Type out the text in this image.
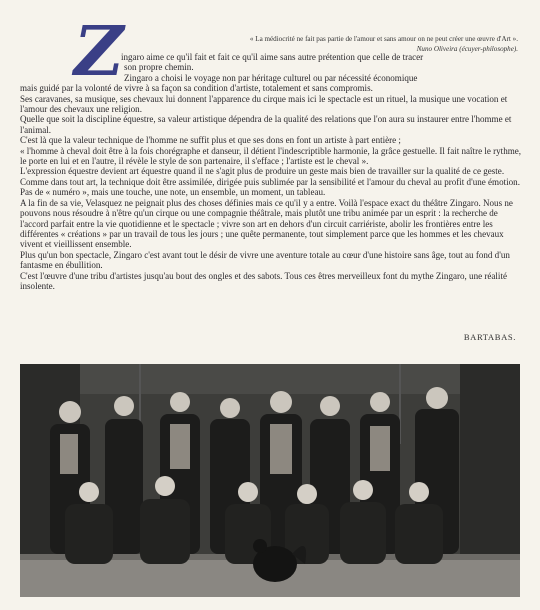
Z	« La médiocrité ne fait pas partie de l'amour et sans amour on ne peut créer une œuvre d'Art ».
Nuno Oliveira (écuyer-philosophe).

ingaro aime ce qu'il fait et fait ce qu'il aime sans autre prétention que celle de tracer

son propre chemin.

Zingaro a choisi le voyage non par héritage culturel ou par nécessité économique

mais guidé par la volonté de vivre à sa façon sa condition d'artiste, totalement et sans compromis.

Ses caravanes, sa musique, ses chevaux lui donnent l'apparence du cirque mais ici le spectacle est un rituel, la musique une vocation et l'amour des chevaux une religion.

Quelle que soit la discipline équestre, sa valeur artistique dépendra de la qualité des relations que l'on aura su instaurer entre l'homme et l'animal.

C'est là que la valeur technique de l'homme ne suffit plus et que ses dons en font un artiste à part entière ;

« l'homme à cheval doit être à la fois chorégraphe et danseur, il détient l'indescriptible harmonie, la grâce gestuelle. Il fait naître le rythme, le porte en lui et en l'autre, il révèle le style de son partenaire, il s'efface ; l'artiste est le cheval ».

L'expression équestre devient art équestre quand il ne s'agit plus de produire un geste mais bien de travailler sur la qualité de ce geste. Comme dans tout art, la technique doit être assimilée, dirigée puis sublimée par la sensibilité et l'amour du cheval au profit d'une émotion.

Pas de « numéro », mais une touche, une note, un ensemble, un moment, un tableau.

A la fin de sa vie, Velasquez ne peignait plus des choses définies mais ce qu'il y a entre. Voilà l'espace exact du théâtre Zingaro. Nous ne pouvons nous résoudre à n'être qu'un cirque ou une compagnie théâtrale, mais plutôt une tribu animée par un esprit : la recherche de l'accord parfait entre la vie quotidienne et le spectacle ; vivre son art en dehors d'un circuit carriériste, abolir les frontières entre les différentes « créations » par un travail de tous les jours ; une quête permanente, tout simplement parce que les hommes et les chevaux vivent et vieillissent ensemble.

Plus qu'un bon spectacle, Zingaro c'est avant tout le désir de vivre une aventure totale au cœur d'une histoire sans âge, tout au fond d'un fantasme en ébullition.

C'est l'œuvre d'une tribu d'artistes jusqu'au bout des ongles et des sabots. Tous ces êtres merveilleux font du mythe Zingaro, une réalité insolente.

BARTABAS.
